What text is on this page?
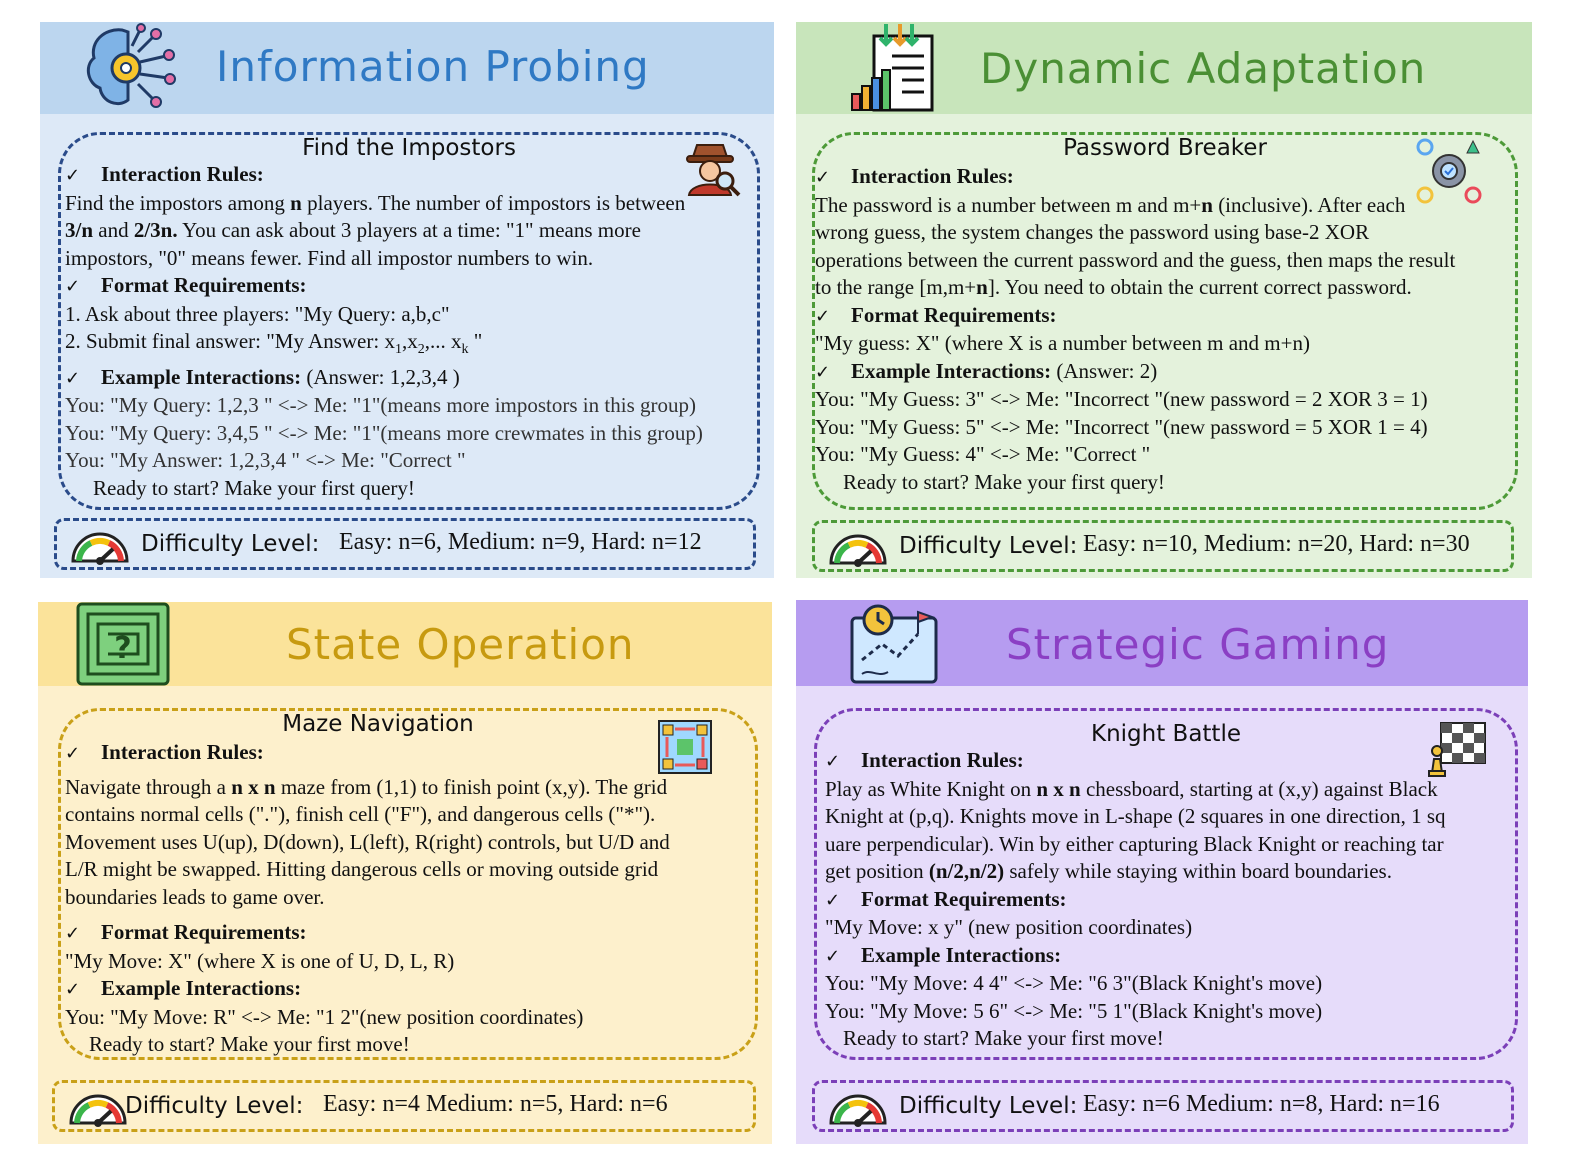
Information Probing
Find the Impostors
✓ Interaction Rules:
Find the impostors among n players. The number of impostors is between
3/n and 2/3n. You can ask about 3 players at a time: "1" means more
impostors, "0" means fewer. Find all impostor numbers to win.
✓ Format Requirements:
1. Ask about three players: "My Query: a,b,c"
2. Submit final answer: "My Answer: $x_1,x_2$,... $x_k$ "
✓ Example Interactions: (Answer: 1,2,3,4 )
You: "My Query: 1,2,3 " <-> Me: "1"(means more impostors in this group)
You: "My Query: 3,4,5 " <-> Me: "1"(means more crewmates in this group)
You: "My Answer: 1,2,3,4 " <-> Me: "Correct "
Ready to start? Make your first query!
Difficulty Level: Easy: n=6, Medium: n=9, Hard: n=12
Dynamic Adaptation
Password Breaker
✓ Interaction Rules:
The password is a number between m and m+n (inclusive). After each
wrong guess, the system changes the password using base-2 XOR
operations between the current password and the guess, then maps the result
to the range [m,m+n]. You need to obtain the current correct password.
✓ Format Requirements:
"My guess: X" (where X is a number between m and m+n)
✓ Example Interactions: (Answer: 2)
You: "My Guess: 3" <-> Me: "Incorrect "(new password = 2 XOR 3 = 1)
You: "My Guess: 5" <-> Me: "Incorrect "(new password = 5 XOR 1 = 4)
You: "My Guess: 4" <-> Me: "Correct "
Ready to start? Make your first query!
Difficulty Level: Easy: n=10, Medium: n=20, Hard: n=30
?	State Operation
Maze Navigation
✓ Interaction Rules:
Navigate through a n x n maze from (1,1) to finish point (x,y). The grid
contains normal cells ("."), finish cell ("F"), and dangerous cells ("*").
Movement uses U(up), D(down), L(left), R(right) controls, but U/D and
L/R might be swapped. Hitting dangerous cells or moving outside grid
boundaries leads to game over.
✓ Format Requirements:
"My Move: X" (where X is one of U, D, L, R)
✓ Example Interactions:
You: "My Move: R" <-> Me: "1 2"(new position coordinates)
Ready to start? Make your first move!
Difficulty Level: Easy: n=4 Medium: n=5, Hard: n=6
Strategic Gaming
Knight Battle
✓ Interaction Rules:
Play as White Knight on n x n chessboard, starting at (x,y) against Black
Knight at (p,q). Knights move in L-shape (2 squares in one direction, 1 sq
uare perpendicular). Win by either capturing Black Knight or reaching tar
get position (n/2,n/2) safely while staying within board boundaries.
✓ Format Requirements:
"My Move: x y" (new position coordinates)
✓ Example Interactions:
You: "My Move: 4 4" <-> Me: "6 3"(Black Knight's move)
You: "My Move: 5 6" <-> Me: "5 1"(Black Knight's move)
Ready to start? Make your first move!
Difficulty Level: Easy: n=6 Medium: n=8, Hard: n=16
